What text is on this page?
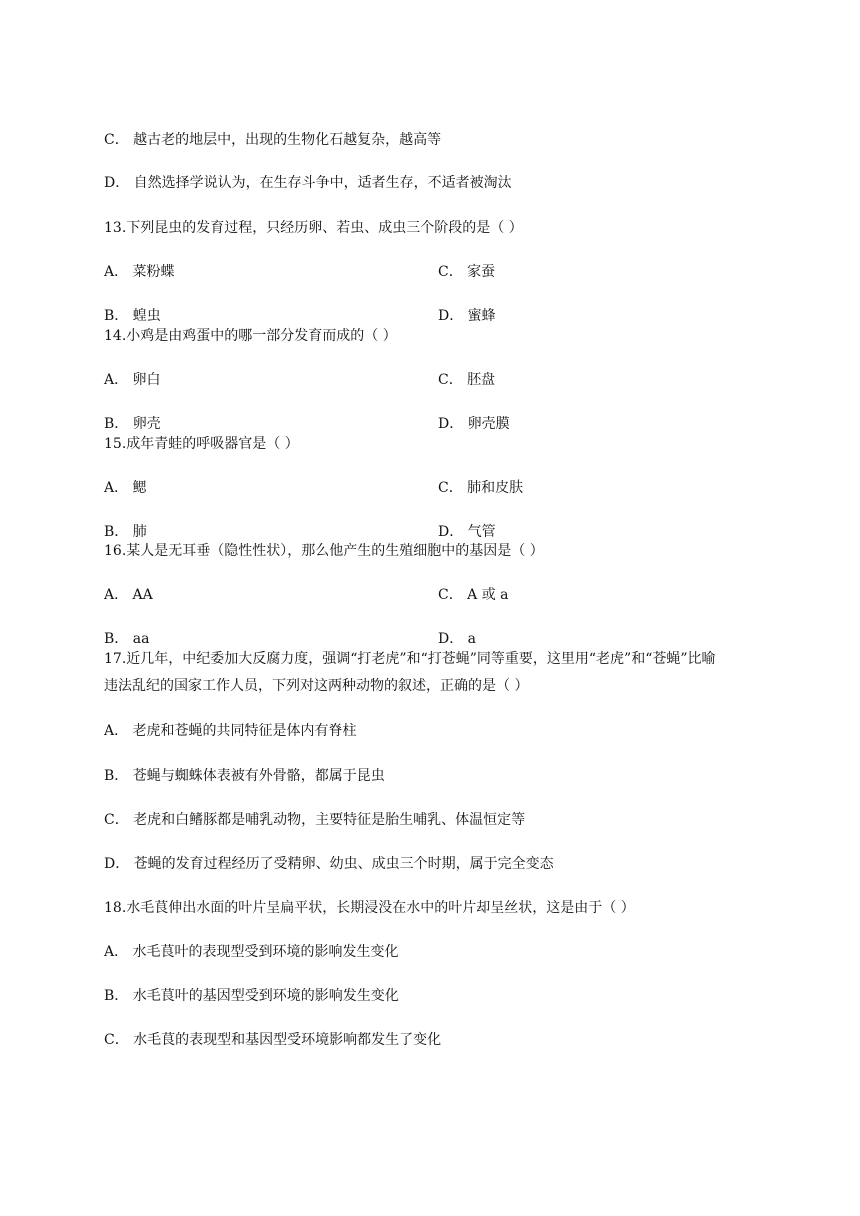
C． 越古老的地层中，出现的生物化石越复杂，越高等
D． 自然选择学说认为，在生存斗争中，适者生存，不适者被淘汰
13.下列昆虫的发育过程，只经历卵、若虫、成虫三个阶段的是（ ）
A． 菜粉蝶	C． 家蚕
B． 蝗虫	D． 蜜蜂
14.小鸡是由鸡蛋中的哪一部分发育而成的（ ）
A． 卵白	C． 胚盘
B． 卵壳	D． 卵壳膜
15.成年青蛙的呼吸器官是（ ）
A． 鳃	C． 肺和皮肤
B． 肺	D． 气管
16.某人是无耳垂（隐性性状），那么他产生的生殖细胞中的基因是（ ）
A． AA	C． A 或 a
B． aa	D． a
17.近几年，中纪委加大反腐力度，强调“打老虎”和“打苍蝇”同等重要，这里用“老虎”和“苍蝇”比喻
违法乱纪的国家工作人员，下列对这两种动物的叙述，正确的是（ ）
A． 老虎和苍蝇的共同特征是体内有脊柱
B． 苍蝇与蜘蛛体表被有外骨骼，都属于昆虫
C． 老虎和白鳍豚都是哺乳动物，主要特征是胎生哺乳、体温恒定等
D． 苍蝇的发育过程经历了受精卵、幼虫、成虫三个时期，属于完全变态
18.水毛茛伸出水面的叶片呈扁平状，长期浸没在水中的叶片却呈丝状，这是由于（ ）
A． 水毛茛叶的表现型受到环境的影响发生变化
B． 水毛茛叶的基因型受到环境的影响发生变化
C． 水毛茛的表现型和基因型受环境影响都发生了变化
